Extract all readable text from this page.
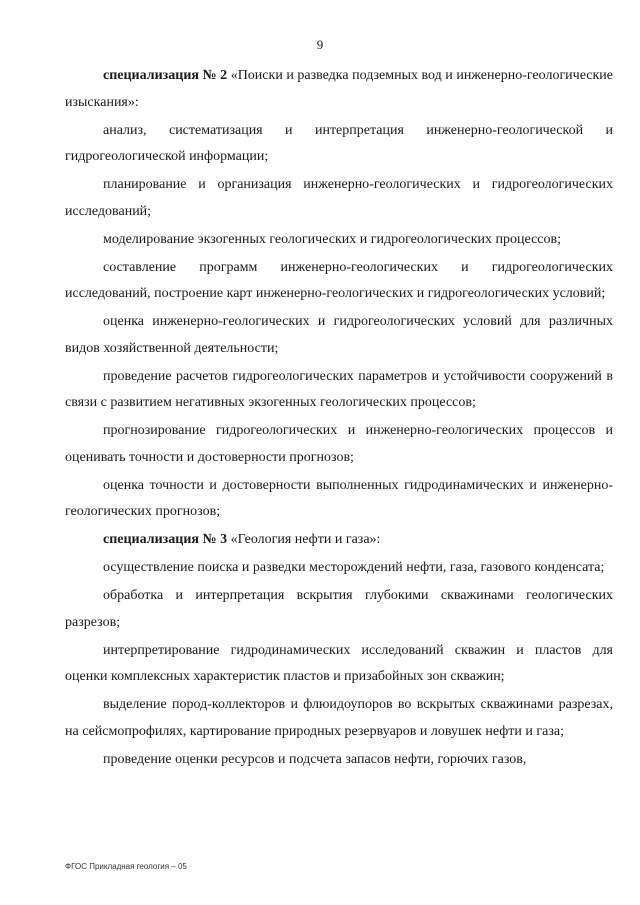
9

специализация № 2 «Поиски и разведка подземных вод и инженерно-геологические изыскания»:

анализ, систематизация и интерпретация инженерно-геологической и гидрогеологической информации;

планирование и организация инженерно-геологических и гидрогеологических исследований;

моделирование экзогенных геологических и гидрогеологических процессов;

составление программ инженерно-геологических и гидрогеологических исследований, построение карт инженерно-геологических и гидрогеологических условий;

оценка инженерно-геологических и гидрогеологических условий для различных видов хозяйственной деятельности;

проведение расчетов гидрогеологических параметров и устойчивости сооружений в связи с развитием негативных экзогенных геологических процессов;

прогнозирование гидрогеологических и инженерно-геологических процессов и оценивать точности и достоверности прогнозов;

оценка точности и достоверности выполненных гидродинамических и инженерно-геологических прогнозов;

специализация № 3 «Геология нефти и газа»:

осуществление поиска и разведки месторождений нефти, газа, газового конденсата;

обработка и интерпретация вскрытия глубокими скважинами геологических разрезов;

интерпретирование гидродинамических исследований скважин и пластов для оценки комплексных характеристик пластов и призабойных зон скважин;

выделение пород-коллекторов и флюидоупоров во вскрытых скважинами разрезах, на сейсмопрофилях, картирование природных резервуаров и ловушек нефти и газа;

проведение оценки ресурсов и подсчета запасов нефти, горючих газов,

ФГОС Прикладная геология – 05
